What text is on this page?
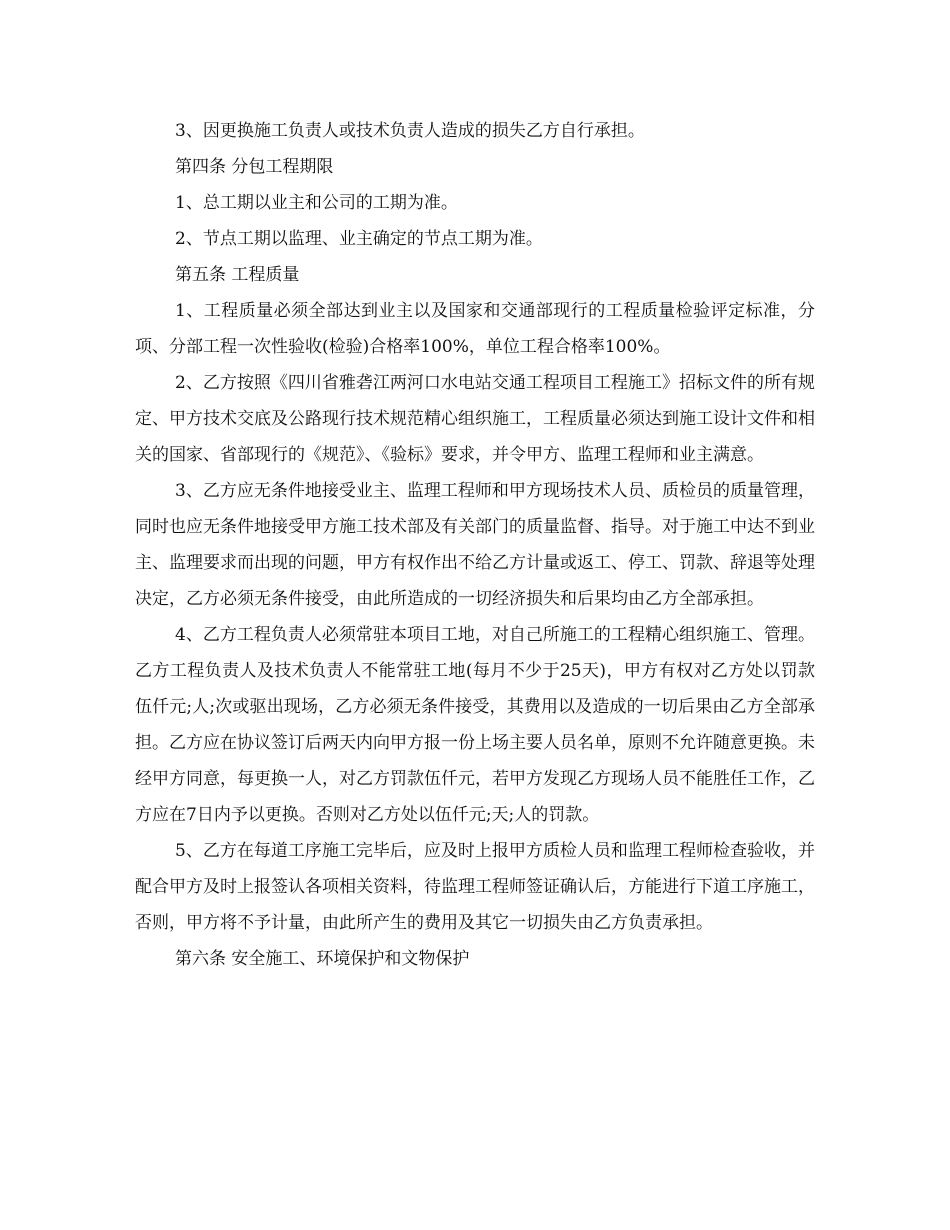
3、因更换施工负责人或技术负责人造成的损失乙方自行承担。

第四条 分包工程期限

1、总工期以业主和公司的工期为准。

2、节点工期以监理、业主确定的节点工期为准。

第五条 工程质量

1、工程质量必须全部达到业主以及国家和交通部现行的工程质量检验评定标准，分项、分部工程一次性验收(检验)合格率100%，单位工程合格率100%。

2、乙方按照《四川省雅砻江两河口水电站交通工程项目工程施工》招标文件的所有规定、甲方技术交底及公路现行技术规范精心组织施工，工程质量必须达到施工设计文件和相关的国家、省部现行的《规范》、《验标》要求，并令甲方、监理工程师和业主满意。

3、乙方应无条件地接受业主、监理工程师和甲方现场技术人员、质检员的质量管理，同时也应无条件地接受甲方施工技术部及有关部门的质量监督、指导。对于施工中达不到业主、监理要求而出现的问题，甲方有权作出不给乙方计量或返工、停工、罚款、辞退等处理决定，乙方必须无条件接受，由此所造成的一切经济损失和后果均由乙方全部承担。

4、乙方工程负责人必须常驻本项目工地，对自己所施工的工程精心组织施工、管理。乙方工程负责人及技术负责人不能常驻工地(每月不少于25天)，甲方有权对乙方处以罚款伍仟元;人;次或驱出现场，乙方必须无条件接受，其费用以及造成的一切后果由乙方全部承担。乙方应在协议签订后两天内向甲方报一份上场主要人员名单，原则不允许随意更换。未经甲方同意，每更换一人，对乙方罚款伍仟元，若甲方发现乙方现场人员不能胜任工作，乙方应在7日内予以更换。否则对乙方处以伍仟元;天;人的罚款。

5、乙方在每道工序施工完毕后，应及时上报甲方质检人员和监理工程师检查验收，并配合甲方及时上报签认各项相关资料，待监理工程师签证确认后，方能进行下道工序施工，否则，甲方将不予计量，由此所产生的费用及其它一切损失由乙方负责承担。

第六条 安全施工、环境保护和文物保护
